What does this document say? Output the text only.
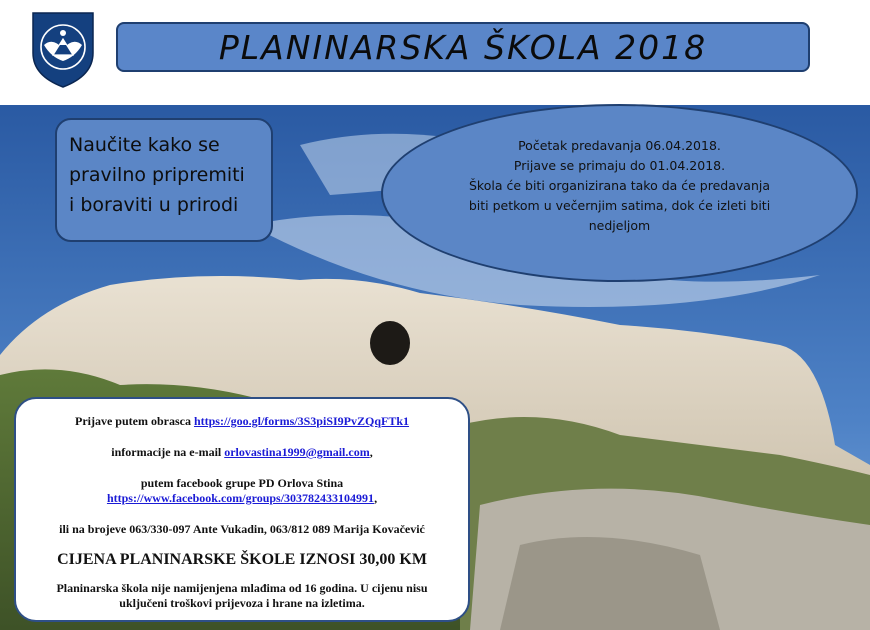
PLANINARSKA ŠKOLA 2018
Naučite kako se
pravilno pripremiti
i boraviti u prirodi
Početak predavanja 06.04.2018.
Prijave se primaju do 01.04.2018.
Škola će biti organizirana tako da će predavanja
biti petkom u večernjim satima, dok će izleti biti
nedjeljom
Prijave putem obrasca https://goo.gl/forms/3S3piSI9PvZQqFTk1
informacije na e-mail orlovastina1999@gmail.com,
putem facebook grupe PD Orlova Stina
https://www.facebook.com/groups/303782433104991,
ili na brojeve 063/330-097 Ante Vukadin, 063/812 089 Marija Kovačević
CIJENA PLANINARSKE ŠKOLE IZNOSI 30,00 KM
Planinarska škola nije namijenjena mlađima od 16 godina. U cijenu nisu
uključeni troškovi prijevoza i hrane na izletima.
